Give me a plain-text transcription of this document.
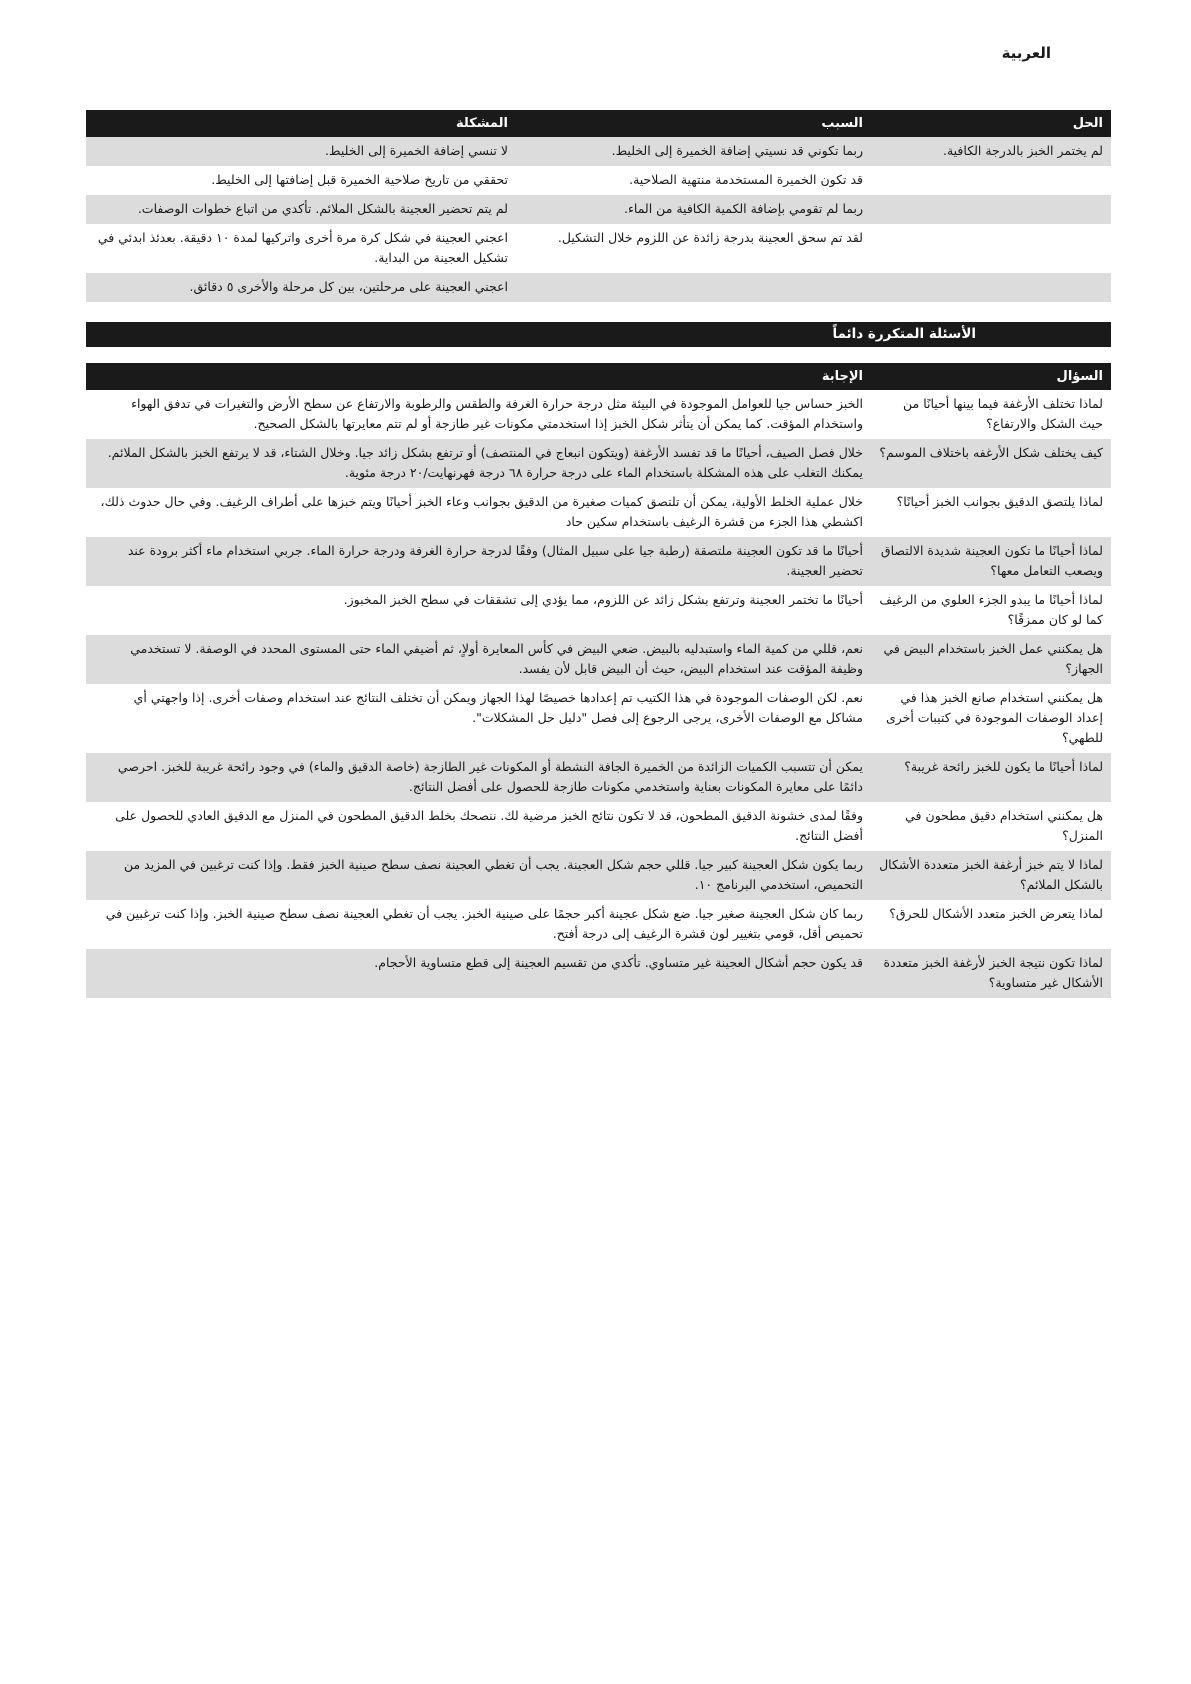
العربية
الحل	السبب	المشكلة
لم يختمر الخبز بالدرجة الكافية.	ربما تكوني قد نسيتي إضافة الخميرة إلى الخليط.	لا تنسي إضافة الخميرة إلى الخليط.
	قد تكون الخميرة المستخدمة منتهية الصلاحية.	تحققي من تاريخ صلاحية الخميرة قبل إضافتها إلى الخليط.
	ربما لم تقومي بإضافة الكمية الكافية من الماء.	لم يتم تحضير العجينة بالشكل الملائم. تأكدي من اتباع خطوات الوصفات.
	لقد تم سحق العجينة بدرجة زائدة عن اللزوم خلال التشكيل.	اعجني العجينة في شكل كرة مرة أخرى واتركيها لمدة ١٠ دقيقة. بعدئذ ابدئي في تشكيل العجينة من البداية.
		اعجني العجينة على مرحلتين، بين كل مرحلة والأخرى ٥ دقائق.
الأسئلة المتكررة دائماً
السؤال	الإجابة
لماذا تختلف الأرغفة فيما بينها أحيانًا من حيث الشكل والارتفاع؟	الخبز حساس جيا للعوامل الموجودة في البيئة مثل درجة حرارة الغرفة والطقس والرطوبة والارتفاع عن سطح الأرض والتغيرات في تدفق الهواء واستخدام المؤقت. كما يمكن أن يتأثر شكل الخبز إذا استخدمتي مكونات غير طازجة أو لم تتم معايرتها بالشكل الصحيح.
كيف يختلف شكل الأرغفه باختلاف الموسم؟	خلال فصل الصيف، أحيانًا ما قد تفسد الأرغفة (ويتكون انبعاج في المنتصف) أو ترتفع بشكل زائد جيا. وخلال الشتاء، قد لا يرتفع الخبز بالشكل الملائم. يمكنك التغلب على هذه المشكلة باستخدام الماء على درجة حرارة ٦٨ درجة فهرنهايت/٢٠ درجة مئوية.
لماذا يلتصق الدقيق بجوانب الخبز أحيانًا؟	خلال عملية الخلط الأولية، يمكن أن تلتصق كميات صغيرة من الدقيق بجوانب وعاء الخبز أحيانًا ويتم خبزها على أطراف الرغيف. وفي حال حدوث ذلك، اكشطي هذا الجزء من قشرة الرغيف باستخدام سكين حاد
لماذا أحيانًا ما تكون العجينة شديدة الالتصاق ويصعب التعامل معها؟	أحيانًا ما قد تكون العجينة ملتصقة (رطبة جيا على سبيل المثال) وفقًا لدرجة حرارة الغرفة ودرجة حرارة الماء. جربي استخدام ماء أكثر برودة عند تحضير العجينة.
لماذا أحيانًا ما يبدو الجزء العلوي من الرغيف كما لو كان ممزقًا؟	أحيانًا ما تختمر العجينة وترتفع بشكل زائد عن اللزوم، مما يؤدي إلى تشققات في سطح الخبز المخبوز.
هل يمكنني عمل الخبز باستخدام البيض في الجهاز؟	نعم، قللي من كمية الماء واستبدليه بالبيض. ضعي البيض في كأس المعايرة أولاٍ، ثم أضيفي الماء حتى المستوى المحدد في الوصفة. لا تستخدمي وظيفة المؤقت عند استخدام البيض، حيث أن البيض قابل لأن يفسد.
هل يمكنني استخدام صانع الخبز هذا في إعداد الوصفات الموجودة في كتيبات أخرى للطهي؟	نعم. لكن الوصفات الموجودة في هذا الكتيب تم إعدادها خصيصًا لهذا الجهاز ويمكن أن تختلف النتائج عند استخدام وصفات أخرى. إذا واجهتي أي مشاكل مع الوصفات الأخرى، يرجى الرجوع إلى فصل "دليل حل المشكلات".
لماذا أحيانًا ما يكون للخبز رائحة غريبة؟	يمكن أن تتسبب الكميات الزائدة من الخميرة الجافة النشطة أو المكونات غير الطازجة (خاصة الدقيق والماء) في وجود رائحة غريبة للخبز. احرصي دائمًا على معايرة المكونات بعناية واستخدمي مكونات طازجة للحصول على أفضل النتائج.
هل يمكنني استخدام دقيق مطحون في المنزل؟	وفقًا لمدى خشونة الدقيق المطحون، قد لا تكون نتائج الخبز مرضية لك. ننصحك بخلط الدقيق المطحون في المنزل مع الدقيق العادي للحصول على أفضل النتائج.
لماذا لا يتم خبز أرغفة الخبز متعددة الأشكال بالشكل الملائم؟	ربما يكون شكل العجينة كبير جيا. قللي حجم شكل العجينة. يجب أن تغطي العجينة نصف سطح صينية الخبز فقط. وإذا كنت ترغبين في المزيد من التحميص، استخدمي البرنامج ١٠.
لماذا يتعرض الخبز متعدد الأشكال للحرق؟	ربما كان شكل العجينة صغير جيا. ضع شكل عجينة أكبر حجمًا على صينية الخبز. يجب أن تغطي العجينة نصف سطح صينية الخبز. وإذا كنت ترغبين في تحميص أقل، قومي بتغيير لون قشرة الرغيف إلى درجة أفتح.
لماذا تكون نتيجة الخبز لأرغفة الخبز متعددة الأشكال غير متساوية؟	قد يكون حجم أشكال العجينة غير متساوي. تأكدي من تقسيم العجينة إلى قطع متساوية الأحجام.
